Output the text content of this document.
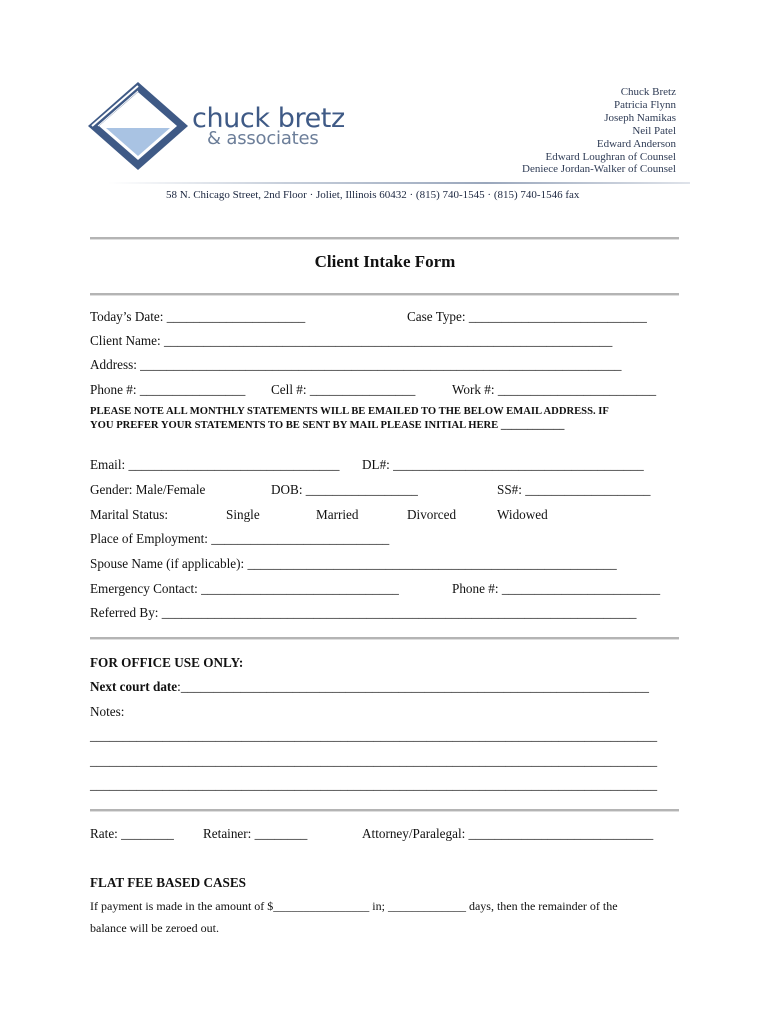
chuck bretz
& associates
Chuck Bretz
Patricia Flynn
Joseph Namikas
Neil Patel
Edward Anderson
Edward Loughran of Counsel
Deniece Jordan-Walker of Counsel
58 N. Chicago Street, 2nd Floor · Joliet, Illinois 60432 · (815) 740-1545 · (815) 740-1546 fax
Client Intake Form
Today’s Date: _____________________	Case Type: ___________________________
Client Name: ____________________________________________________________________
Address: _________________________________________________________________________
Phone #: ________________ Cell #: ________________	Work #: ________________________
PLEASE NOTE ALL MONTHLY STATEMENTS WILL BE EMAILED TO THE BELOW EMAIL ADDRESS. IF
YOU PREFER YOUR STATEMENTS TO BE SENT BY MAIL PLEASE INITIAL HERE ____________
Email: ________________________________ DL#: ______________________________________
Gender: Male/Female	DOB: _________________	SS#: ___________________
Marital Status:	Single	Married	Divorced	Widowed
Place of Employment: ___________________________
Spouse Name (if applicable): ________________________________________________________
Emergency Contact: ______________________________	Phone #: ________________________
Referred By: ________________________________________________________________________
FOR OFFICE USE ONLY:
Next court date:_______________________________________________________________________
Notes:
______________________________________________________________________________________
______________________________________________________________________________________
______________________________________________________________________________________
Rate: ________ Retainer: ________	Attorney/Paralegal: ____________________________
FLAT FEE BASED CASES
If payment is made in the amount of $________________ in; _____________ days, then the remainder of the
balance will be zeroed out.
